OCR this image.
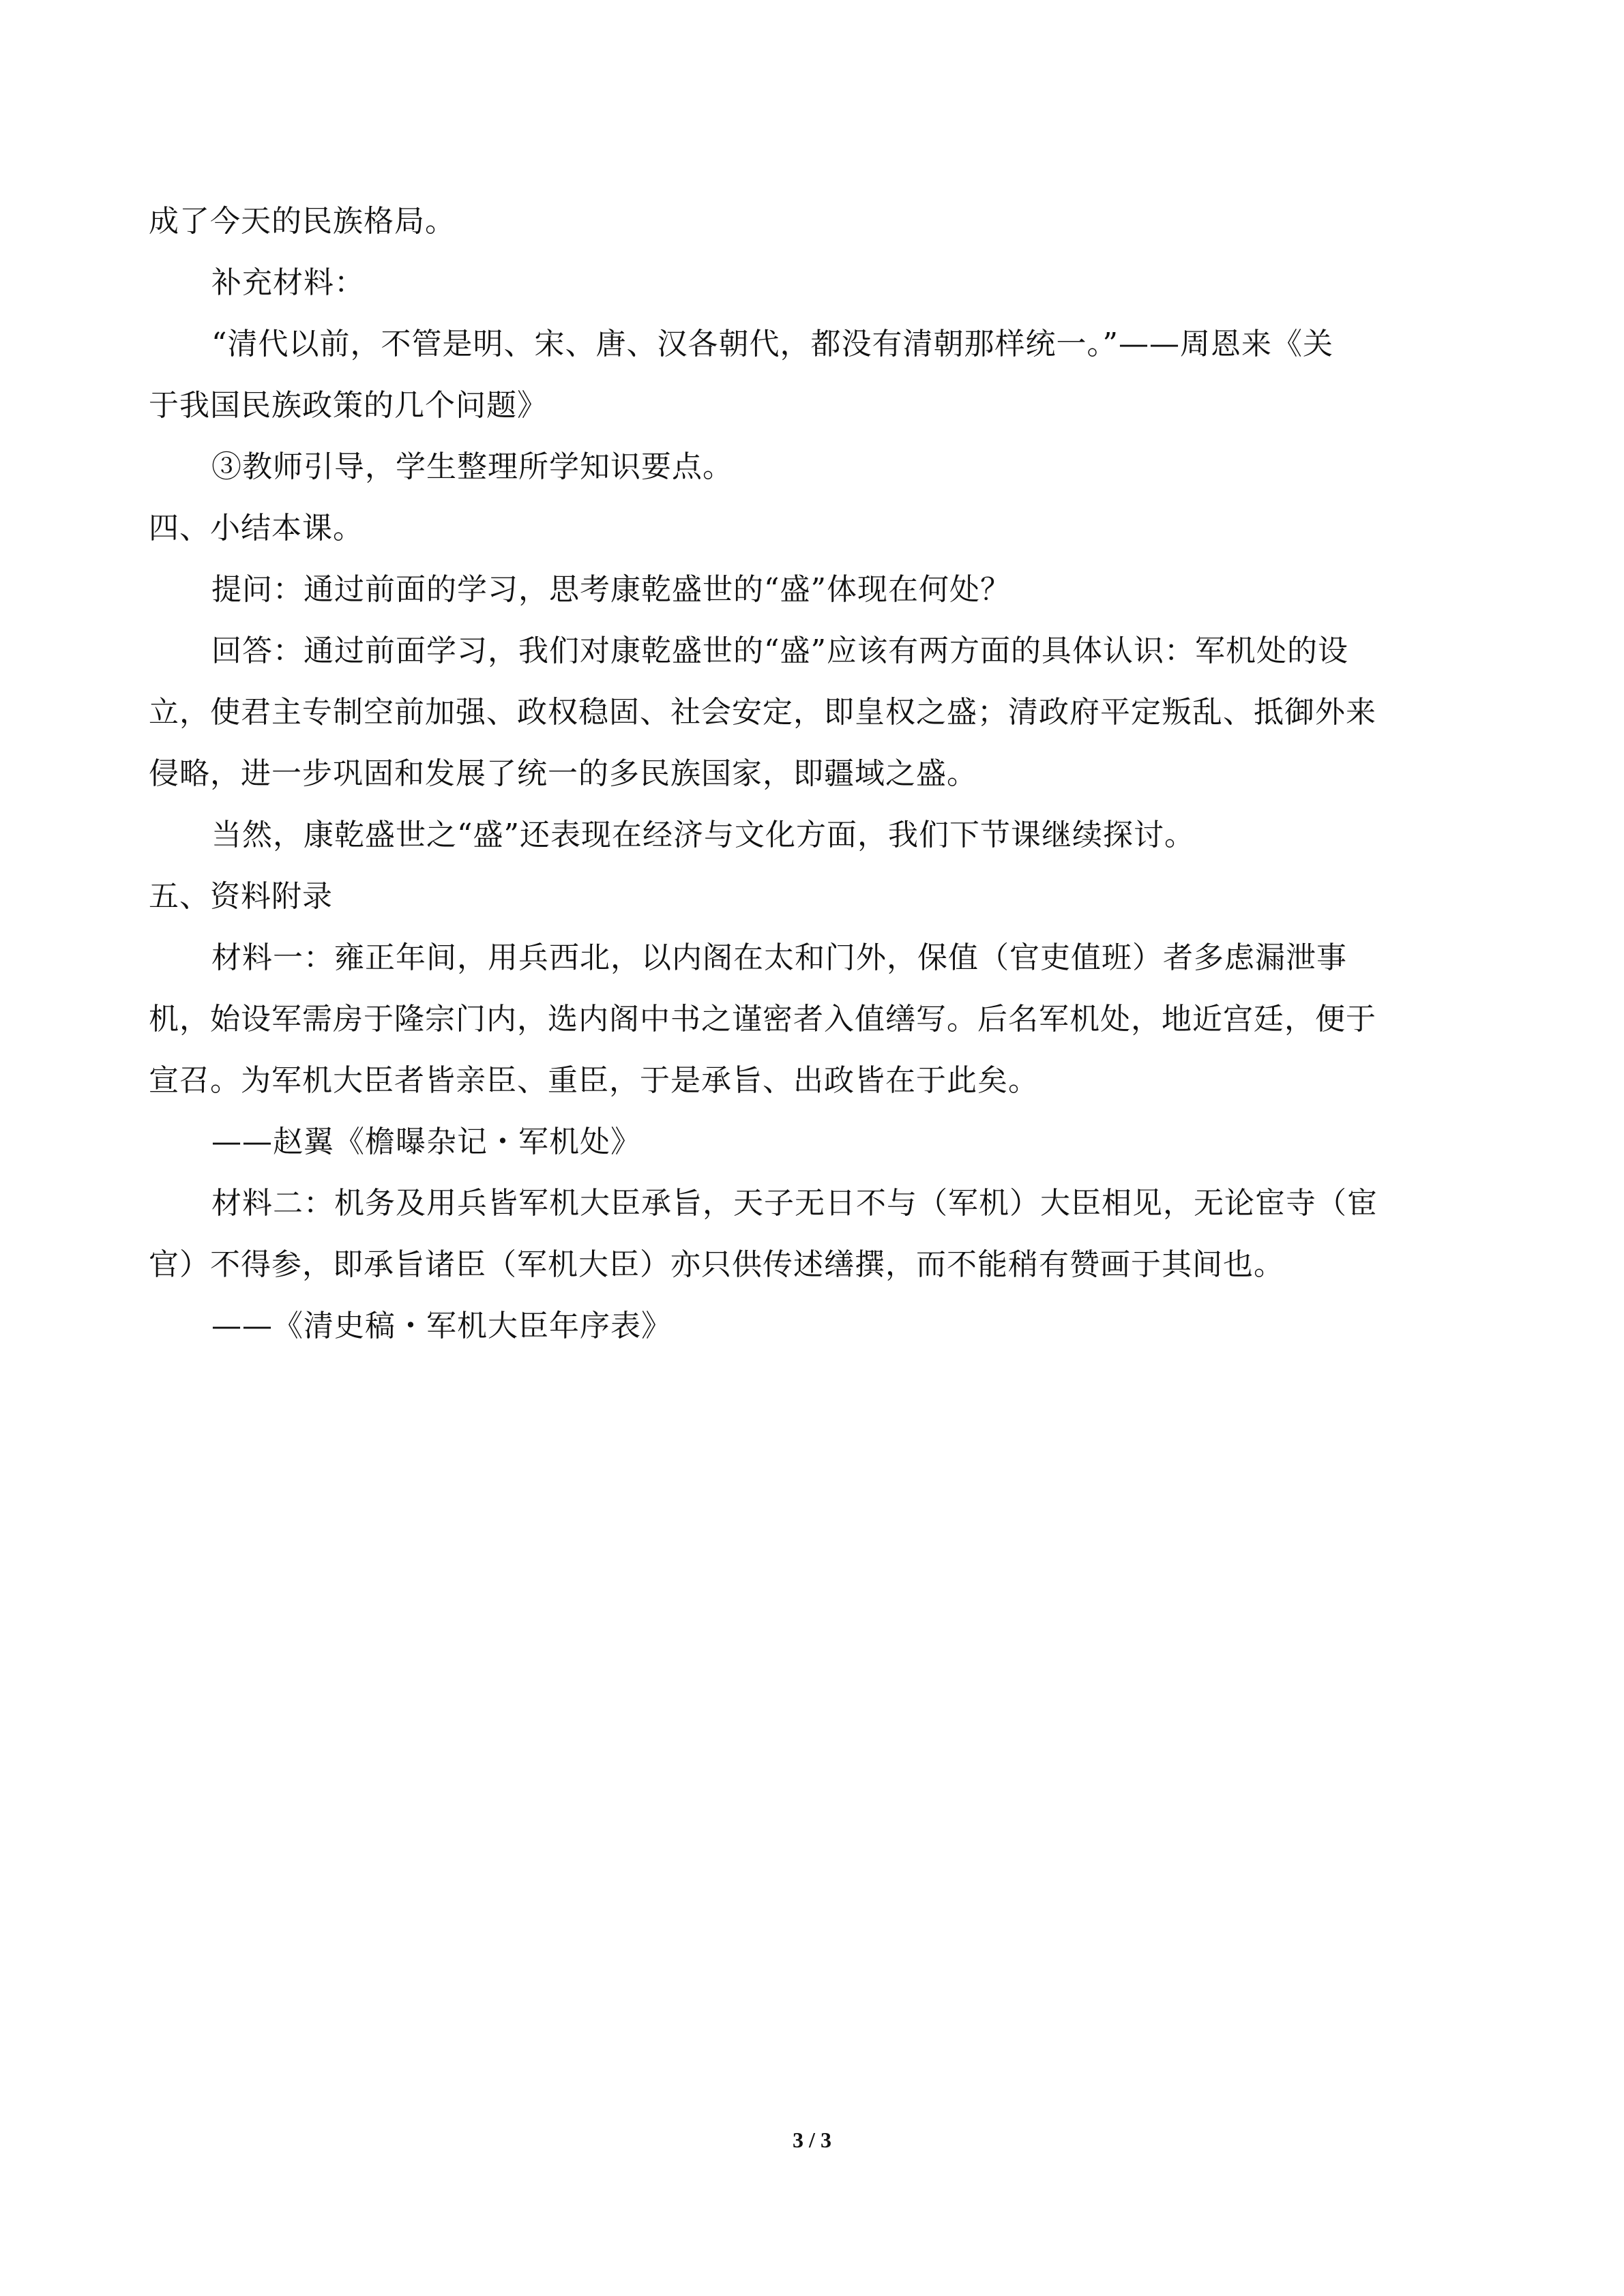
成了今天的民族格局。
补充材料：
“清代以前，不管是明、宋、唐、汉各朝代，都没有清朝那样统一。”——周恩来《关
于我国民族政策的几个问题》
③教师引导，学生整理所学知识要点。
四、小结本课。
提问：通过前面的学习，思考康乾盛世的“盛”体现在何处？
回答：通过前面学习，我们对康乾盛世的“盛”应该有两方面的具体认识：军机处的设
立，使君主专制空前加强、政权稳固、社会安定，即皇权之盛；清政府平定叛乱、抵御外来
侵略，进一步巩固和发展了统一的多民族国家，即疆域之盛。
当然，康乾盛世之“盛”还表现在经济与文化方面，我们下节课继续探讨。
五、资料附录
材料一：雍正年间，用兵西北，以内阁在太和门外，保值（官吏值班）者多虑漏泄事
机，始设军需房于隆宗门内，选内阁中书之谨密者入值缮写。后名军机处，地近宫廷，便于
宣召。为军机大臣者皆亲臣、重臣，于是承旨、出政皆在于此矣。
——赵翼《檐曝杂记・军机处》
材料二：机务及用兵皆军机大臣承旨，天子无日不与（军机）大臣相见，无论宦寺（宦
官）不得参，即承旨诸臣（军机大臣）亦只供传述缮撰，而不能稍有赞画于其间也。
——《清史稿・军机大臣年序表》
3 / 3
